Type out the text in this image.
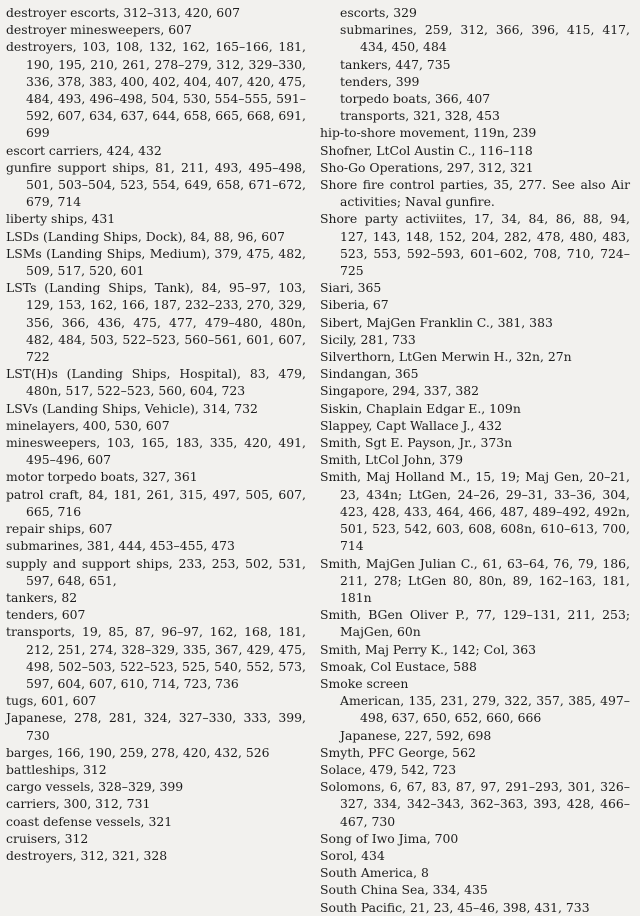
destroyer escorts, 312–313, 420, 607
destroyer minesweepers, 607
destroyers, 103, 108, 132, 162, 165–166, 181, 190, 195, 210, 261, 278–279, 312, 329–330, 336, 378, 383, 400, 402, 404, 407, 420, 475, 484, 493, 496–498, 504, 530, 554–555, 591–592, 607, 634, 637, 644, 658, 665, 668, 691, 699
escort carriers, 424, 432
gunfire support ships, 81, 211, 493, 495–498, 501, 503–504, 523, 554, 649, 658, 671–672, 679, 714
liberty ships, 431
LSDs (Landing Ships, Dock), 84, 88, 96, 607
LSMs (Landing Ships, Medium), 379, 475, 482, 509, 517, 520, 601
LSTs (Landing Ships, Tank), 84, 95–97, 103, 129, 153, 162, 166, 187, 232–233, 270, 329, 356, 366, 436, 475, 477, 479–480, 480n, 482, 484, 503, 522–523, 560–561, 601, 607, 722
LST(H)s (Landing Ships, Hospital), 83, 479, 480n, 517, 522–523, 560, 604, 723
LSVs (Landing Ships, Vehicle), 314, 732
minelayers, 400, 530, 607
minesweepers, 103, 165, 183, 335, 420, 491, 495–496, 607
motor torpedo boats, 327, 361
patrol craft, 84, 181, 261, 315, 497, 505, 607, 665, 716
repair ships, 607
submarines, 381, 444, 453–455, 473
supply and support ships, 233, 253, 502, 531, 597, 648, 651,
tankers, 82
tenders, 607
transports, 19, 85, 87, 96–97, 162, 168, 181, 212, 251, 274, 328–329, 335, 367, 429, 475, 498, 502–503, 522–523, 525, 540, 552, 573, 597, 604, 607, 610, 714, 723, 736
tugs, 601, 607
Japanese, 278, 281, 324, 327–330, 333, 399, 730
barges, 166, 190, 259, 278, 420, 432, 526
battleships, 312
cargo vessels, 328–329, 399
carriers, 300, 312, 731
coast defense vessels, 321
cruisers, 312
destroyers, 312, 321, 328
escorts, 329
submarines, 259, 312, 366, 396, 415, 417, 434, 450, 484
tankers, 447, 735
tenders, 399
torpedo boats, 366, 407
transports, 321, 328, 453
hip-to-shore movement, 119n, 239
Shofner, LtCol Austin C., 116–118
Sho-Go Operations, 297, 312, 321
Shore fire control parties, 35, 277. See also Air activities; Naval gunfire.
Shore party activiites, 17, 34, 84, 86, 88, 94, 127, 143, 148, 152, 204, 282, 478, 480, 483, 523, 553, 592–593, 601–602, 708, 710, 724–725
Siari, 365
Siberia, 67
Sibert, MajGen Franklin C., 381, 383
Sicily, 281, 733
Silverthorn, LtGen Merwin H., 32n, 27n
Sindangan, 365
Singapore, 294, 337, 382
Siskin, Chaplain Edgar E., 109n
Slappey, Capt Wallace J., 432
Smith, Sgt E. Payson, Jr., 373n
Smith, LtCol John, 379
Smith, Maj Holland M., 15, 19; Maj Gen, 20–21, 23, 434n; LtGen, 24–26, 29–31, 33–36, 304, 423, 428, 433, 464, 466, 487, 489–492, 492n, 501, 523, 542, 603, 608, 608n, 610–613, 700, 714
Smith, MajGen Julian C., 61, 63–64, 76, 79, 186, 211, 278; LtGen 80, 80n, 89, 162–163, 181, 181n
Smith, BGen Oliver P., 77, 129–131, 211, 253; MajGen, 60n
Smith, Maj Perry K., 142; Col, 363
Smoak, Col Eustace, 588
Smoke screen
American, 135, 231, 279, 322, 357, 385, 497–498, 637, 650, 652, 660, 666
Japanese, 227, 592, 698
Smyth, PFC George, 562
Solace, 479, 542, 723
Solomons, 6, 67, 83, 87, 97, 291–293, 301, 326–327, 334, 342–343, 362–363, 393, 428, 466–467, 730
Song of Iwo Jima, 700
Sorol, 434
South America, 8
South China Sea, 334, 435
South Pacific, 21, 23, 45–46, 398, 431, 733
